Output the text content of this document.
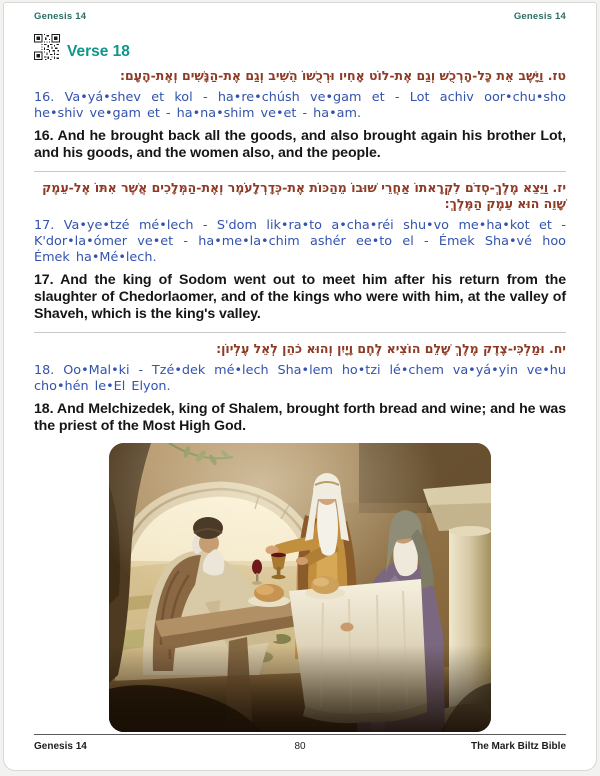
Genesis 14	Genesis 14
Verse 18

טז. וַיָּשֶׁב אֵת כָּל-הָרְכֻשׁ וְגַם אֶת-לוֹט אָחִיו וּרְכֻשׁוֹ הֵשִׁיב וְגַם אֶת-הַנָּשִׁים וְאֶת-הָעָם:

16. Va•yá•shev et kol - ha•re•chúsh ve•gam et - Lot achiv oor•chu•sho he•shiv ve•gam et - ha•na•shim ve•et - ha•am.

16. And he brought back all the goods, and also brought again his brother Lot, and his goods, and the women also, and the people.

יז. וַיֵּצֵא מֶלֶךְ-סְדֹם לִקְרָאתוֹ אַחֲרֵי שׁוּבוֹ מֵהַכּוֹת אֶת-כְּדָרְלָעֹמֶר וְאֶת-הַמְּלָכִים אֲשֶׁר אִתּוֹ אֶל-עֵמֶק שָׁוֵה הוּא עֵמֶק הַמֶּלֶךְ:

17. Va•ye•tzé mé•lech - S'dom lik•ra•to a•cha•réi shu•vo me•ha•kot et - K'dor•la•ómer ve•et - ha•me•la•chim ashér ee•to el - Émek Sha•vé hoo Émek ha•Mé•lech.

17. And the king of Sodom went out to meet him after his return from the slaughter of Chedorlaomer, and of the kings who were with him, at the valley of Shaveh, which is the king's valley.

יח. וּמַלְכִּי-צֶדֶק מֶלֶךְ שָׁלֵם הוֹצִיא לֶחֶם וָיָיִן וְהוּא כֹהֵן לְאֵל עֶלְיוֹן:

18. Oo•Mal•ki - Tzé•dek mé•lech Sha•lem ho•tzi lé•chem va•yá•yin ve•hu cho•hén le•El Elyon.

18. And Melchizedek, king of Shalem, brought forth bread and wine; and he was the priest of the Most High God.

Genesis 14	80	The Mark Biltz Bible
